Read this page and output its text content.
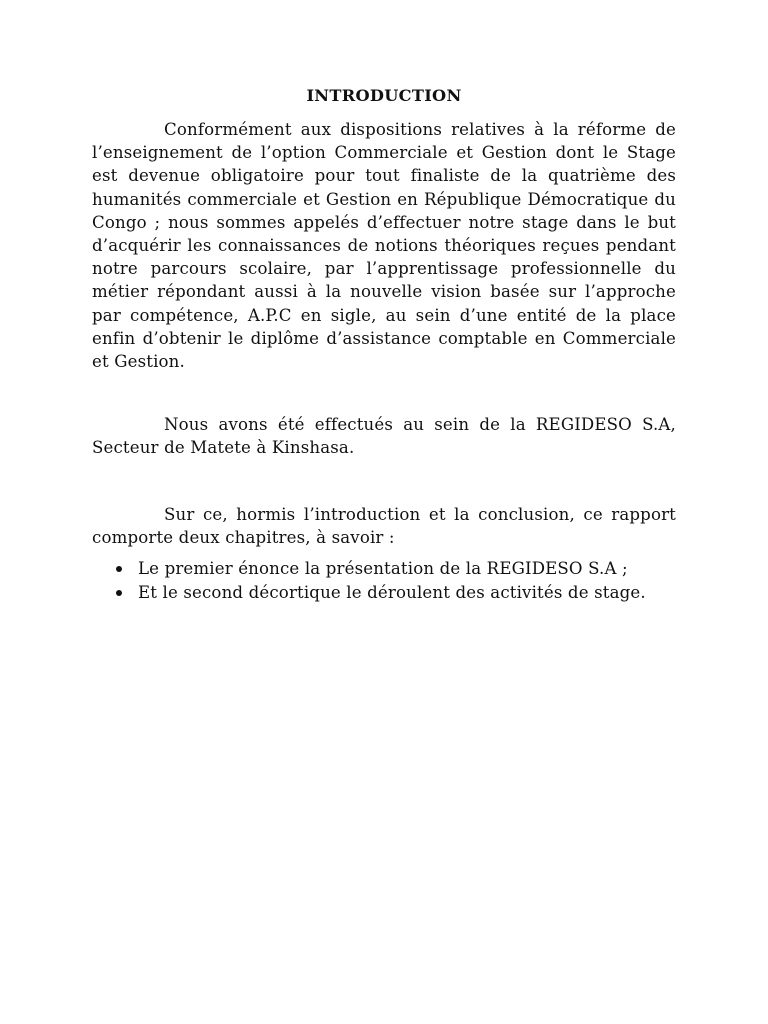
INTRODUCTION

Conformément aux dispositions relatives à la réforme de l’enseignement de l’option Commerciale et Gestion dont le Stage est devenue obligatoire pour tout finaliste de la quatrième des humanités commerciale et Gestion en République Démocratique du Congo ; nous sommes appelés d’effectuer notre stage dans le but d’acquérir les connaissances de notions théoriques reçues pendant notre parcours scolaire, par l’apprentissage professionnelle du métier répondant aussi à la nouvelle vision basée sur l’approche par compétence, A.P.C en sigle, au sein d’une entité de la place enfin d’obtenir le diplôme d’assistance comptable en Commerciale et Gestion.

Nous avons été effectués au sein de la REGIDESO S.A, Secteur de Matete à Kinshasa.

Sur ce, hormis l’introduction et la conclusion, ce rapport comporte deux chapitres, à savoir :

Le premier énonce la présentation de la REGIDESO S.A ;
Et le second décortique le déroulent des activités de stage.
